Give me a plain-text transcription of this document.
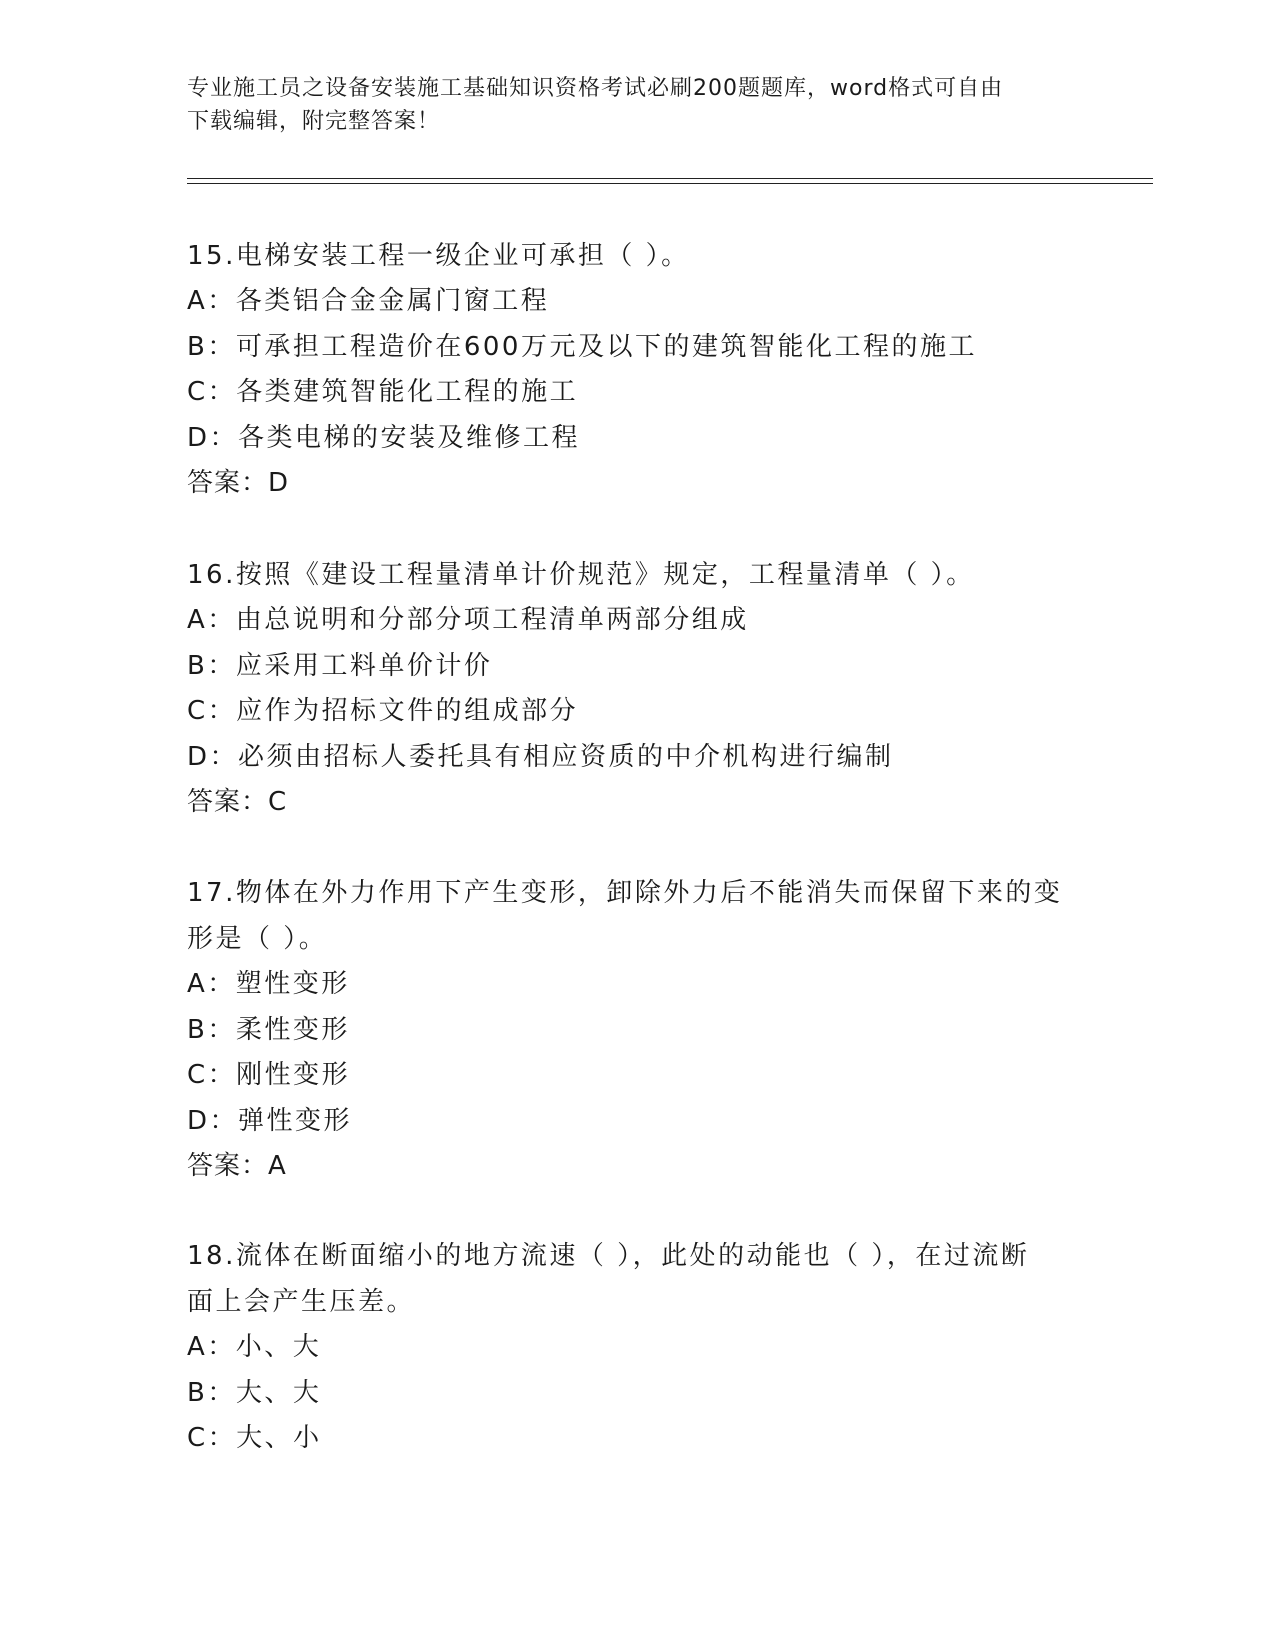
专业施工员之设备安装施工基础知识资格考试必刷200题题库，word格式可自由
下载编辑，附完整答案！
15.电梯安装工程一级企业可承担（ ）。
A：各类铝合金金属门窗工程
B：可承担工程造价在600万元及以下的建筑智能化工程的施工
C：各类建筑智能化工程的施工
D：各类电梯的安装及维修工程
答案：D
16.按照《建设工程量清单计价规范》规定，工程量清单（ ）。
A：由总说明和分部分项工程清单两部分组成
B：应采用工料单价计价
C：应作为招标文件的组成部分
D：必须由招标人委托具有相应资质的中介机构进行编制
答案：C
17.物体在外力作用下产生变形，卸除外力后不能消失而保留下来的变
形是（ ）。
A：塑性变形
B：柔性变形
C：刚性变形
D：弹性变形
答案：A
18.流体在断面缩小的地方流速（ ），此处的动能也（ ），在过流断
面上会产生压差。
A：小、大
B：大、大
C：大、小
